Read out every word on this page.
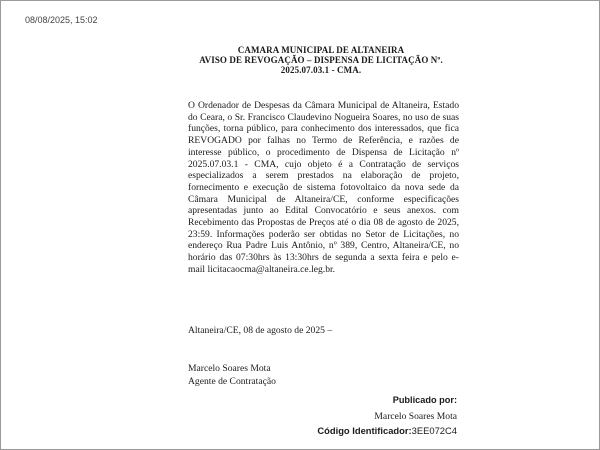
08/08/2025, 15:02
CAMARA MUNICIPAL DE ALTANEIRA
AVISO DE REVOGAÇÃO – DISPENSA DE LICITAÇÃO Nº.
2025.07.03.1 - CMA.
O Ordenador de Despesas da Câmara Municipal de Altaneira, Estado do Ceara, o Sr. Francisco Claudevino Nogueira Soares, no uso de suas funções, torna público, para conhecimento dos interessados, que fica REVOGADO por falhas no Termo de Referência, e razões de interesse público, o procedimento de Dispensa de Licitação nº 2025.07.03.1 - CMA, cujo objeto é a Contratação de serviços especializados a serem prestados na elaboração de projeto, fornecimento e execução de sistema fotovoltaico da nova sede da Câmara Municipal de Altaneira/CE, conforme especificações apresentadas junto ao Edital Convocatório e seus anexos. com Recebimento das Propostas de Preços até o dia 08 de agosto de 2025, 23:59. Informações poderão ser obtidas no Setor de Licitações, no endereço Rua Padre Luis Antônio, nº 389, Centro, Altaneira/CE, no horário das 07:30hrs às 13:30hrs de segunda a sexta feira e pelo e-mail licitacaocma@altaneira.ce.leg.br.
Altaneira/CE, 08 de agosto de 2025 –
Marcelo Soares Mota
Agente de Contratação
Publicado por:
Marcelo Soares Mota
Código Identificador:3EE072C4
